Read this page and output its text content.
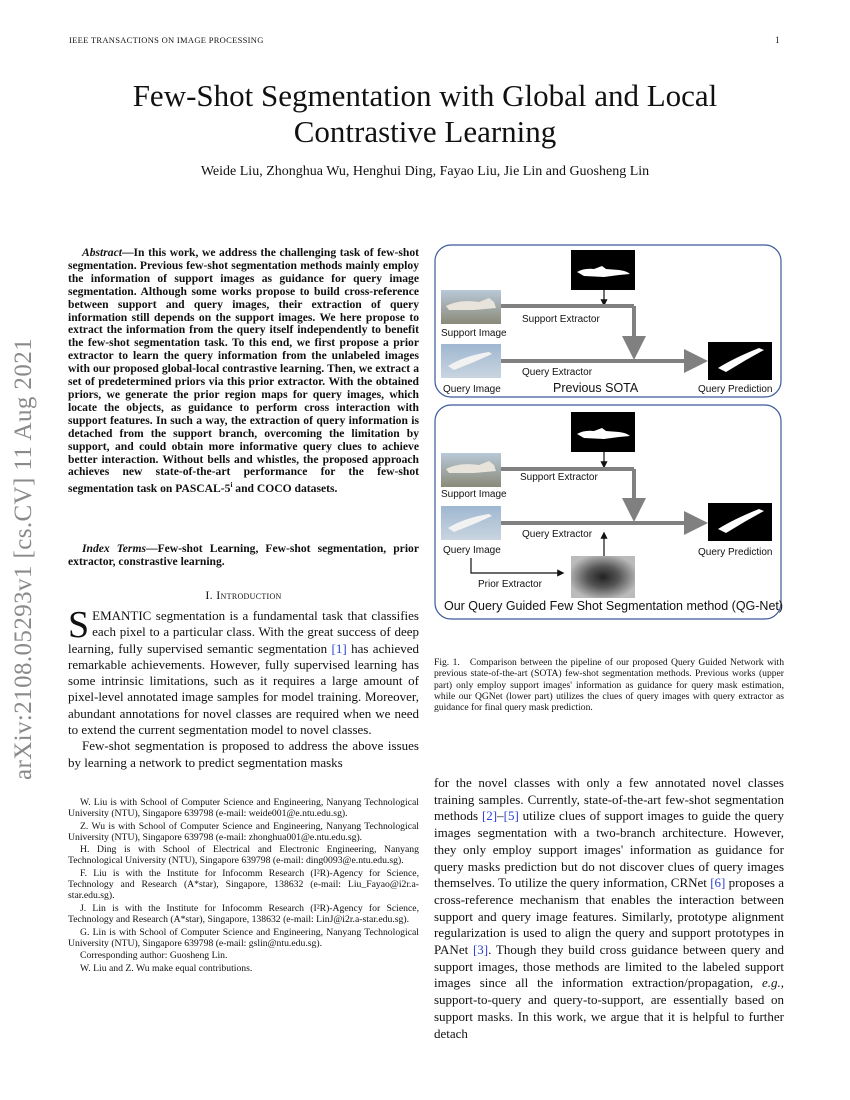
IEEE TRANSACTIONS ON IMAGE PROCESSING	1
Few-Shot Segmentation with Global and Local
Contrastive Learning
Weide Liu, Zhonghua Wu, Henghui Ding, Fayao Liu, Jie Lin and Guosheng Lin
arXiv:2108.05293v1 [cs.CV] 11 Aug 2021
Abstract—In this work, we address the challenging task of few-shot segmentation. Previous few-shot segmentation methods mainly employ the information of support images as guidance for query image segmentation. Although some works propose to build cross-reference between support and query images, their extraction of query information still depends on the support images. We here propose to extract the information from the query itself independently to benefit the few-shot segmentation task. To this end, we first propose a prior extractor to learn the query information from the unlabeled images with our proposed global-local contrastive learning. Then, we extract a set of predetermined priors via this prior extractor. With the obtained priors, we generate the prior region maps for query images, which locate the objects, as guidance to perform cross interaction with support features. In such a way, the extraction of query information is detached from the support branch, overcoming the limitation by support, and could obtain more informative query clues to achieve better interaction. Without bells and whistles, the proposed approach achieves new state-of-the-art performance for the few-shot segmentation task on PASCAL-5$^i$ and COCO datasets.
Index Terms—Few-shot Learning, Few-shot segmentation, prior extractor, constrastive learning.
I. Introduction

SEMANTIC segmentation is a fundamental task that classifies each pixel to a particular class. With the great success of deep learning, fully supervised semantic segmentation [1] has achieved remarkable achievements. However, fully supervised learning has some intrinsic limitations, such as it requires a large amount of pixel-level annotated image samples for model training. Moreover, abundant annotations for novel classes are required when we need to extend the current segmentation model to novel classes.

Few-shot segmentation is proposed to address the above issues by learning a network to predict segmentation masks

W. Liu is with School of Computer Science and Engineering, Nanyang Technological University (NTU), Singapore 639798 (e-mail: weide001@e.ntu.edu.sg).

Z. Wu is with School of Computer Science and Engineering, Nanyang Technological University (NTU), Singapore 639798 (e-mail: zhonghua001@e.ntu.edu.sg).

H. Ding is with School of Electrical and Electronic Engineering, Nanyang Technological University (NTU), Singapore 639798 (e-mail: ding0093@e.ntu.edu.sg).

F. Liu is with the Institute for Infocomm Research (I²R)-Agency for Science, Technology and Research (A*star), Singapore, 138632 (e-mail: Liu_Fayao@i2r.a-star.edu.sg).

J. Lin is with the Institute for Infocomm Research (I²R)-Agency for Science, Technology and Research (A*star), Singapore, 138632 (e-mail: LinJ@i2r.a-star.edu.sg).

G. Lin is with School of Computer Science and Engineering, Nanyang Technological University (NTU), Singapore 639798 (e-mail: gslin@ntu.edu.sg).

Corresponding author: Guosheng Lin.

W. Liu and Z. Wu make equal contributions.

Support Image
Support Extractor
Query Image
Query Extractor
Previous SOTA	Query Prediction
Support Image
Support Extractor
Query Image
Query Extractor
Query Prediction
Prior Extractor
Our Query Guided Few Shot Segmentation method (QG-Net)
Fig. 1. Comparison between the pipeline of our proposed Query Guided Network with previous state-of-the-art (SOTA) few-shot segmentation methods. Previous works (upper part) only employ support images' information as guidance for query mask estimation, while our QGNet (lower part) utilizes the clues of query images with query extractor as guidance for final query mask prediction.
for the novel classes with only a few annotated novel classes training samples. Currently, state-of-the-art few-shot segmentation methods [2]–[5] utilize clues of support images to guide the query images segmentation with a two-branch architecture. However, they only employ support images' information as guidance for query masks prediction but do not discover clues of query images themselves. To utilize the query information, CRNet [6] proposes a cross-reference mechanism that enables the interaction between support and query image features. Similarly, prototype alignment regularization is used to align the query and support prototypes in PANet [3]. Though they build cross guidance between query and support images, those methods are limited to the labeled support images since all the information extraction/propagation, e.g., support-to-query and query-to-support, are essentially based on support masks. In this work, we argue that it is helpful to further detach
